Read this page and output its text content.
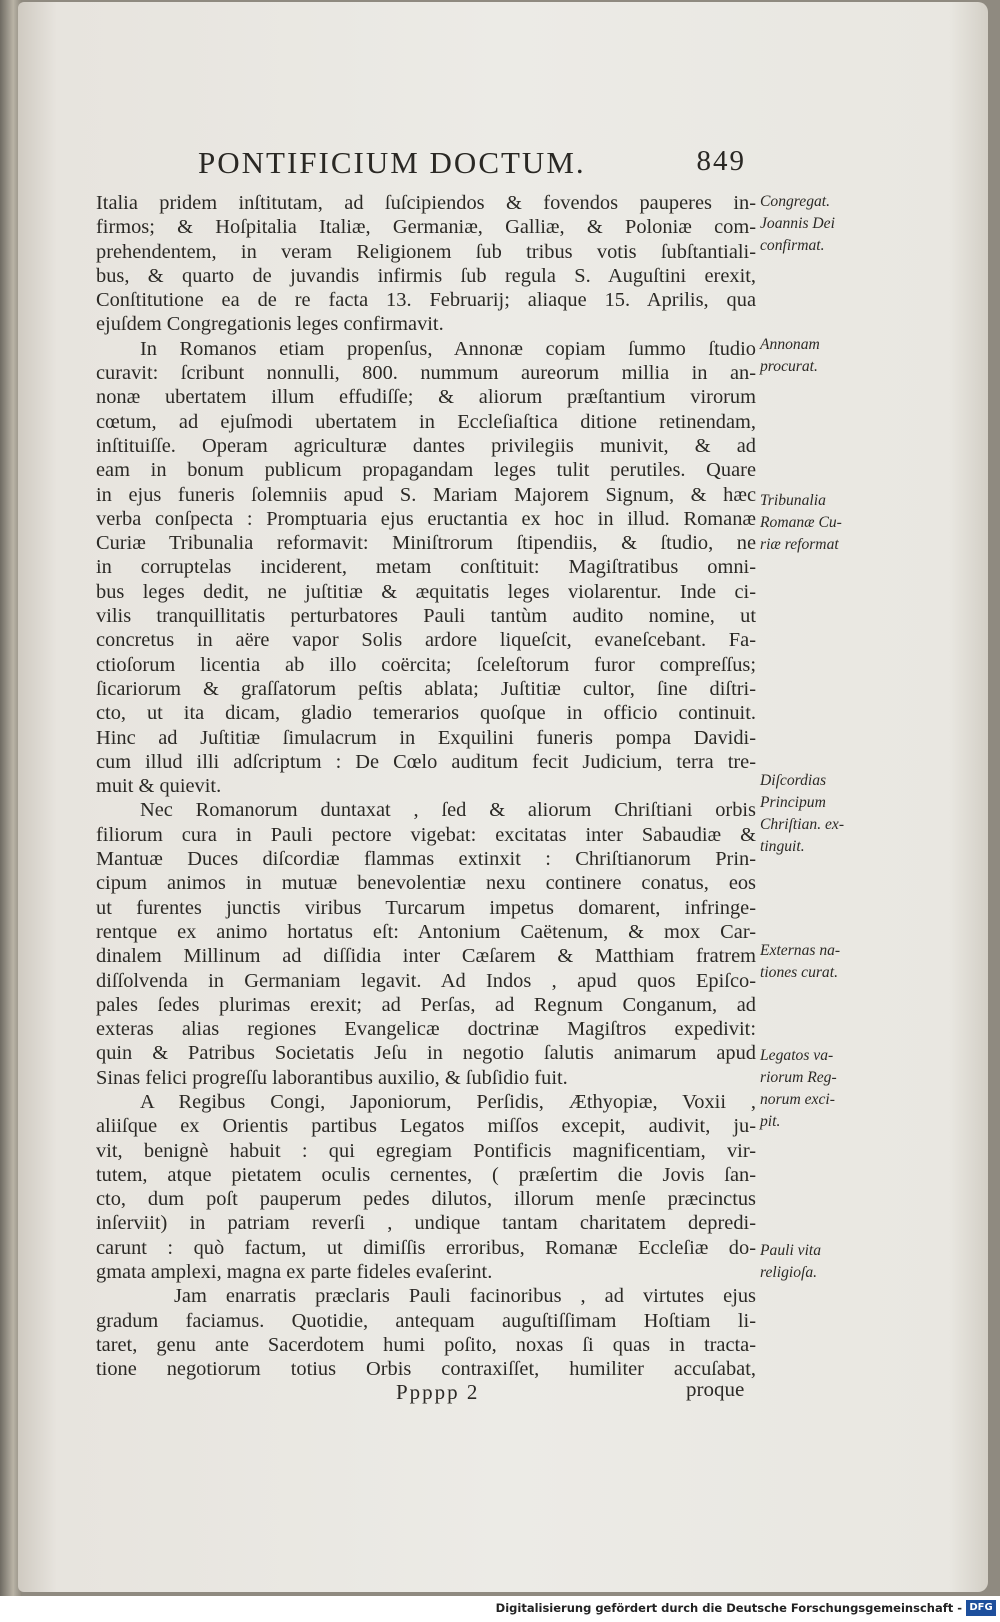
PONTIFICIUM DOCTUM.	849
Italia pridem inſtitutam, ad ſuſcipiendos & fovendos pauperes in-
firmos; & Hoſpitalia Italiæ, Germaniæ, Galliæ, & Poloniæ com-
prehendentem, in veram Religionem ſub tribus votis ſubſtantiali-
bus, & quarto de juvandis infirmis ſub regula S. Auguſtini erexit,
Conſtitutione ea de re facta 13. Februarij; aliaque 15. Aprilis, qua
ejuſdem Congregationis leges confirmavit.
In Romanos etiam propenſus, Annonæ copiam ſummo ſtudio
curavit: ſcribunt nonnulli, 800. nummum aureorum millia in an-
nonæ ubertatem illum effudiſſe; & aliorum præſtantium virorum
cœtum, ad ejuſmodi ubertatem in Eccleſiaſtica ditione retinendam,
inſtituiſſe. Operam agriculturæ dantes privilegiis munivit, & ad
eam in bonum publicum propagandam leges tulit perutiles. Quare
in ejus funeris ſolemniis apud S. Mariam Majorem Signum, & hæc
verba conſpecta : Promptuaria ejus eructantia ex hoc in illud. Romanæ
Curiæ Tribunalia reformavit: Miniſtrorum ſtipendiis, & ſtudio, ne
in corruptelas inciderent, metam conſtituit: Magiſtratibus omni-
bus leges dedit, ne juſtitiæ & æquitatis leges violarentur. Inde ci-
vilis tranquillitatis perturbatores Pauli tantùm audito nomine, ut
concretus in aëre vapor Solis ardore liqueſcit, evaneſcebant. Fa-
ctioſorum licentia ab illo coërcita; ſceleſtorum furor compreſſus;
ſicariorum & graſſatorum peſtis ablata; Juſtitiæ cultor, ſine diſtri-
cto, ut ita dicam, gladio temerarios quoſque in officio continuit.
Hinc ad Juſtitiæ ſimulacrum in Exquilini funeris pompa Davidi-
cum illud illi adſcriptum : De Cœlo auditum fecit Judicium, terra tre-
muit & quievit.
Nec Romanorum duntaxat , ſed & aliorum Chriſtiani orbis
filiorum cura in Pauli pectore vigebat: excitatas inter Sabaudiæ &
Mantuæ Duces diſcordiæ flammas extinxit : Chriſtianorum Prin-
cipum animos in mutuæ benevolentiæ nexu continere conatus, eos
ut furentes junctis viribus Turcarum impetus domarent, infringe-
rentque ex animo hortatus eſt: Antonium Caëtenum, & mox Car-
dinalem Millinum ad diſſidia inter Cæſarem & Matthiam fratrem
diſſolvenda in Germaniam legavit. Ad Indos , apud quos Epiſco-
pales ſedes plurimas erexit; ad Perſas, ad Regnum Conganum, ad
exteras alias regiones Evangelicæ doctrinæ Magiſtros expedivit:
quin & Patribus Societatis Jeſu in negotio ſalutis animarum apud
Sinas felici progreſſu laborantibus auxilio, & ſubſidio fuit.
A Regibus Congi, Japoniorum, Perſidis, Æthyopiæ, Voxii ,
aliiſque ex Orientis partibus Legatos miſſos excepit, audivit, ju-
vit, benignè habuit : qui egregiam Pontificis magnificentiam, vir-
tutem, atque pietatem oculis cernentes, ( præſertim die Jovis ſan-
cto, dum poſt pauperum pedes dilutos, illorum menſe præcinctus
inſerviit) in patriam reverſi , undique tantam charitatem depredi-
carunt : quò factum, ut dimiſſis erroribus, Romanæ Eccleſiæ do-
gmata amplexi, magna ex parte fideles evaſerint.
Jam enarratis præclaris Pauli facinoribus , ad virtutes ejus
gradum faciamus. Quotidie, antequam auguſtiſſimam Hoſtiam li-
taret, genu ante Sacerdotem humi poſito, noxas ſi quas in tracta-
tione negotiorum totius Orbis contraxiſſet, humiliter accuſabat,
Congregat.
Joannis Dei
confirmat.
Annonam
procurat.
Tribunalia
Romanæ Cu-
riæ reformat
Diſcordias
Principum
Chriſtian. ex-
tinguit.
Externas na-
tiones curat.
Legatos va-
riorum Reg-
norum exci-
pit.
Pauli vita
religioſa.
Ppppp 2	proque
Digitalisierung gefördert durch die Deutsche Forschungsgemeinschaft - DFG
